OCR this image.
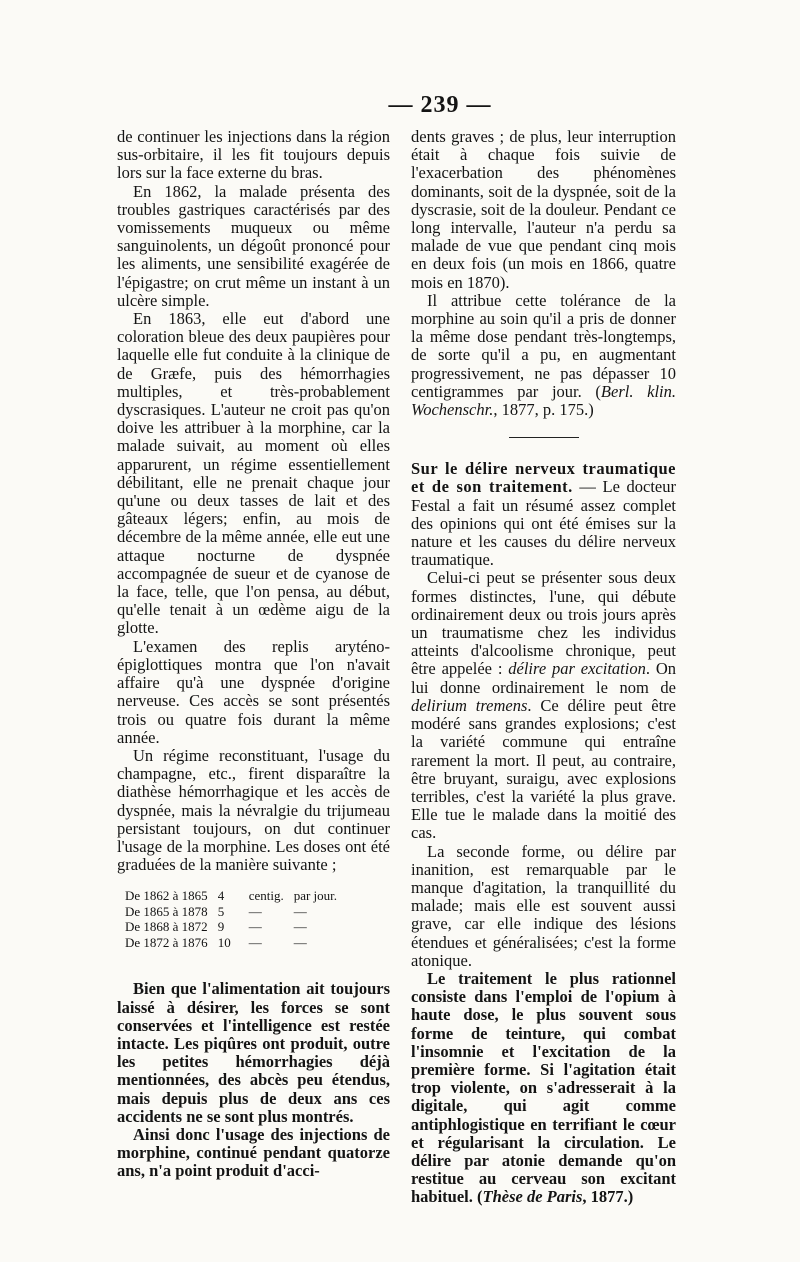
— 239 —

de continuer les injections dans la région sus-orbitaire, il les fit toujours depuis lors sur la face externe du bras.

En 1862, la malade présenta des troubles gastriques caractérisés par des vomissements muqueux ou même sanguinolents, un dégoût prononcé pour les aliments, une sensibilité exagérée de l'épigastre; on crut même un instant à un ulcère simple.

En 1863, elle eut d'abord une coloration bleue des deux paupières pour laquelle elle fut conduite à la clinique de de Græfe, puis des hémorrhagies multiples, et très-probablement dyscrasiques. L'auteur ne croit pas qu'on doive les attribuer à la morphine, car la malade suivait, au moment où elles apparurent, un régime essentiellement débilitant, elle ne prenait chaque jour qu'une ou deux tasses de lait et des gâteaux légers; enfin, au mois de décembre de la même année, elle eut une attaque nocturne de dyspnée accompagnée de sueur et de cyanose de la face, telle, que l'on pensa, au début, qu'elle tenait à un œdème aigu de la glotte.

L'examen des replis aryténo-épiglottiques montra que l'on n'avait affaire qu'à une dyspnée d'origine nerveuse. Ces accès se sont présentés trois ou quatre fois durant la même année.

Un régime reconstituant, l'usage du champagne, etc., firent disparaître la diathèse hémorrhagique et les accès de dyspnée, mais la névralgie du trijumeau persistant toujours, on dut continuer l'usage de la morphine. Les doses ont été graduées de la manière suivante ;

De 1862 à 1865	4	centig.	par jour.
De 1865 à 1878	5	—	—
De 1868 à 1872	9	—	—
De 1872 à 1876	10	—	—

Bien que l'alimentation ait toujours laissé à désirer, les forces se sont conservées et l'intelligence est restée intacte. Les piqûres ont produit, outre les petites hémorrhagies déjà mentionnées, des abcès peu étendus, mais depuis plus de deux ans ces accidents ne se sont plus montrés.

Ainsi donc l'usage des injections de morphine, continué pendant quatorze ans, n'a point produit d'acci-

dents graves ; de plus, leur interruption était à chaque fois suivie de l'exacerbation des phénomènes dominants, soit de la dyspnée, soit de la dyscrasie, soit de la douleur. Pendant ce long intervalle, l'auteur n'a perdu sa malade de vue que pendant cinq mois en deux fois (un mois en 1866, quatre mois en 1870).

Il attribue cette tolérance de la morphine au soin qu'il a pris de donner la même dose pendant très-longtemps, de sorte qu'il a pu, en augmentant progressivement, ne pas dépasser 10 centigrammes par jour. (Berl. klin. Wochenschr., 1877, p. 175.)

Sur le délire nerveux traumatique et de son traitement. — Le docteur Festal a fait un résumé assez complet des opinions qui ont été émises sur la nature et les causes du délire nerveux traumatique.

Celui-ci peut se présenter sous deux formes distinctes, l'une, qui débute ordinairement deux ou trois jours après un traumatisme chez les individus atteints d'alcoolisme chronique, peut être appelée : délire par excitation. On lui donne ordinairement le nom de delirium tremens. Ce délire peut être modéré sans grandes explosions; c'est la variété commune qui entraîne rarement la mort. Il peut, au contraire, être bruyant, suraigu, avec explosions terribles, c'est la variété la plus grave. Elle tue le malade dans la moitié des cas.

La seconde forme, ou délire par inanition, est remarquable par le manque d'agitation, la tranquillité du malade; mais elle est souvent aussi grave, car elle indique des lésions étendues et généralisées; c'est la forme atonique.

Le traitement le plus rationnel consiste dans l'emploi de l'opium à haute dose, le plus souvent sous forme de teinture, qui combat l'insomnie et l'excitation de la première forme. Si l'agitation était trop violente, on s'adresserait à la digitale, qui agit comme antiphlogistique en terrifiant le cœur et régularisant la circulation. Le délire par atonie demande qu'on restitue au cerveau son excitant habituel. (Thèse de Paris, 1877.)
